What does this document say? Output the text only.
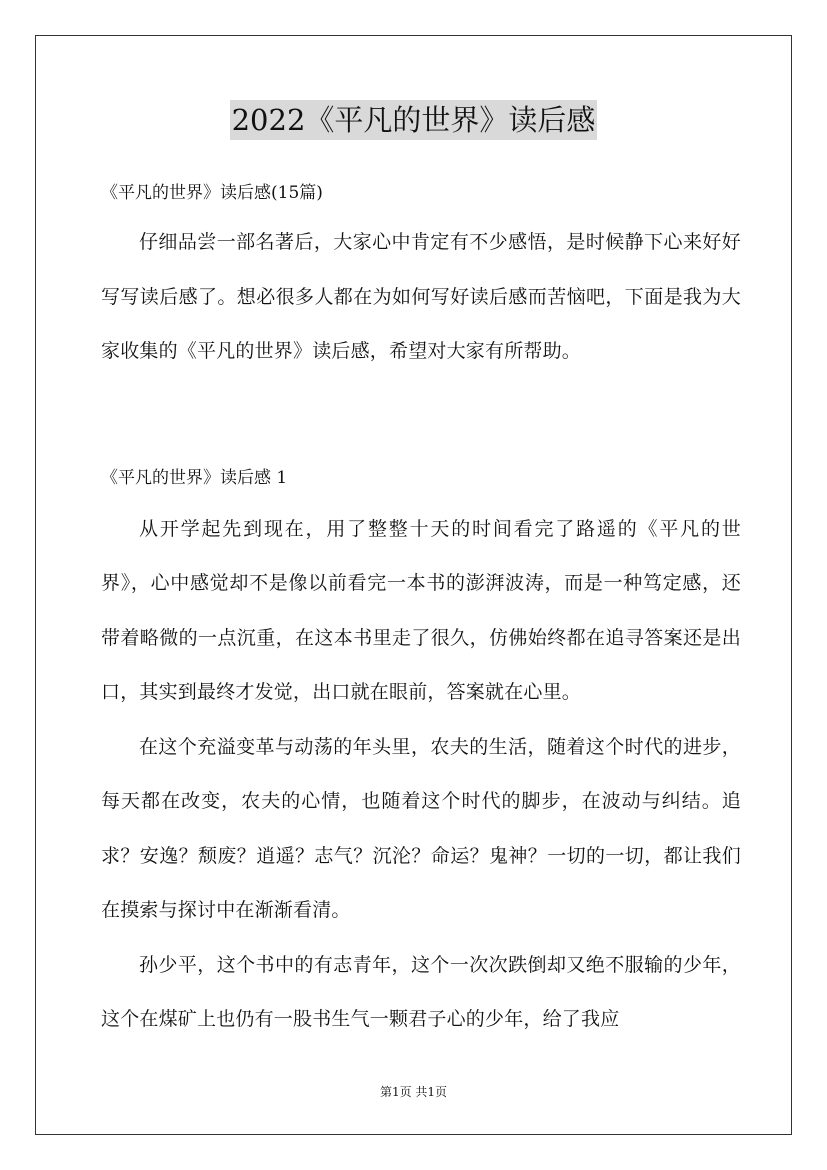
2022《平凡的世界》读后感
《平凡的世界》读后感(15篇)

仔细品尝一部名著后，大家心中肯定有不少感悟，是时候静下心来好好写写读后感了。想必很多人都在为如何写好读后感而苦恼吧，下面是我为大家收集的《平凡的世界》读后感，希望对大家有所帮助。

《平凡的世界》读后感 1

从开学起先到现在，用了整整十天的时间看完了路遥的《平凡的世界》，心中感觉却不是像以前看完一本书的澎湃波涛，而是一种笃定感，还带着略微的一点沉重，在这本书里走了很久，仿佛始终都在追寻答案还是出口，其实到最终才发觉，出口就在眼前，答案就在心里。

在这个充溢变革与动荡的年头里，农夫的生活，随着这个时代的进步，每天都在改变，农夫的心情，也随着这个时代的脚步，在波动与纠结。追求？安逸？颓废？逍遥？志气？沉沦？命运？鬼神？一切的一切，都让我们在摸索与探讨中在渐渐看清。

孙少平，这个书中的有志青年，这个一次次跌倒却又绝不服输的少年，这个在煤矿上也仍有一股书生气一颗君子心的少年，给了我应

第1页 共1页
